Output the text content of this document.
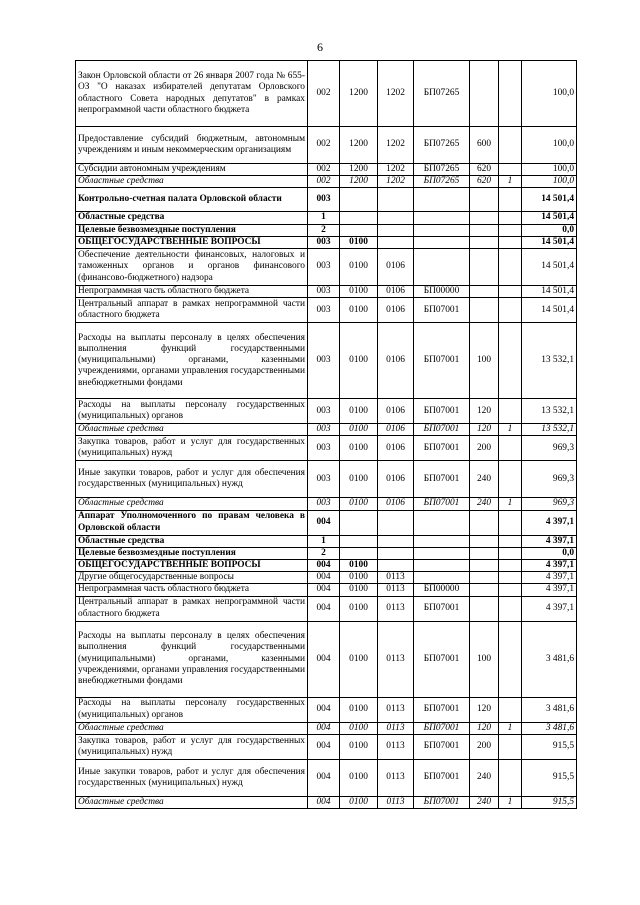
6
Закон Орловской области от 26 января 2007 года № 655-ОЗ "О наказах избирателей депутатам Орловского областного Совета народных депутатов" в рамках непрограммной части областного бюджета	002	1200	1202	БП07265			100,0
Предоставление субсидий бюджетным, автономным учреждениям и иным некоммерческим организациям	002	1200	1202	БП07265	600		100,0
Субсидии автономным учреждениям	002	1200	1202	БП07265	620		100,0
Областные средства	002	1200	1202	БП07265	620	1	100,0
Контрольно-счетная палата Орловской области	003						14 501,4
Областные средства	1						14 501,4
Целевые безвозмездные поступления	2						0,0
ОБЩЕГОСУДАРСТВЕННЫЕ ВОПРОСЫ	003	0100					14 501,4
Обеспечение деятельности финансовых, налоговых и таможенных органов и органов финансового (финансово-бюджетного) надзора	003	0100	0106				14 501,4
Непрограммная часть областного бюджета	003	0100	0106	БП00000			14 501,4
Центральный аппарат в рамках непрограммной части областного бюджета	003	0100	0106	БП07001			14 501,4
Расходы на выплаты персоналу в целях обеспечения выполнения функций государственными (муниципальными) органами, казенными учреждениями, органами управления государственными внебюджетными фондами	003	0100	0106	БП07001	100		13 532,1
Расходы на выплаты персоналу государственных (муниципальных) органов	003	0100	0106	БП07001	120		13 532,1
Областные средства	003	0100	0106	БП07001	120	1	13 532,1
Закупка товаров, работ и услуг для государственных (муниципальных) нужд	003	0100	0106	БП07001	200		969,3
Иные закупки товаров, работ и услуг для обеспечения государственных (муниципальных) нужд	003	0100	0106	БП07001	240		969,3
Областные средства	003	0100	0106	БП07001	240	1	969,3
Аппарат Уполномоченного по правам человека в Орловской области	004						4 397,1
Областные средства	1						4 397,1
Целевые безвозмездные поступления	2						0,0
ОБЩЕГОСУДАРСТВЕННЫЕ ВОПРОСЫ	004	0100					4 397,1
Другие общегосударственные вопросы	004	0100	0113				4 397,1
Непрограммная часть областного бюджета	004	0100	0113	БП00000			4 397,1
Центральный аппарат в рамках непрограммной части областного бюджета	004	0100	0113	БП07001			4 397,1
Расходы на выплаты персоналу в целях обеспечения выполнения функций государственными (муниципальными) органами, казенными учреждениями, органами управления государственными внебюджетными фондами	004	0100	0113	БП07001	100		3 481,6
Расходы на выплаты персоналу государственных (муниципальных) органов	004	0100	0113	БП07001	120		3 481,6
Областные средства	004	0100	0113	БП07001	120	1	3 481,6
Закупка товаров, работ и услуг для государственных (муниципальных) нужд	004	0100	0113	БП07001	200		915,5
Иные закупки товаров, работ и услуг для обеспечения государственных (муниципальных) нужд	004	0100	0113	БП07001	240		915,5
Областные средства	004	0100	0113	БП07001	240	1	915,5
